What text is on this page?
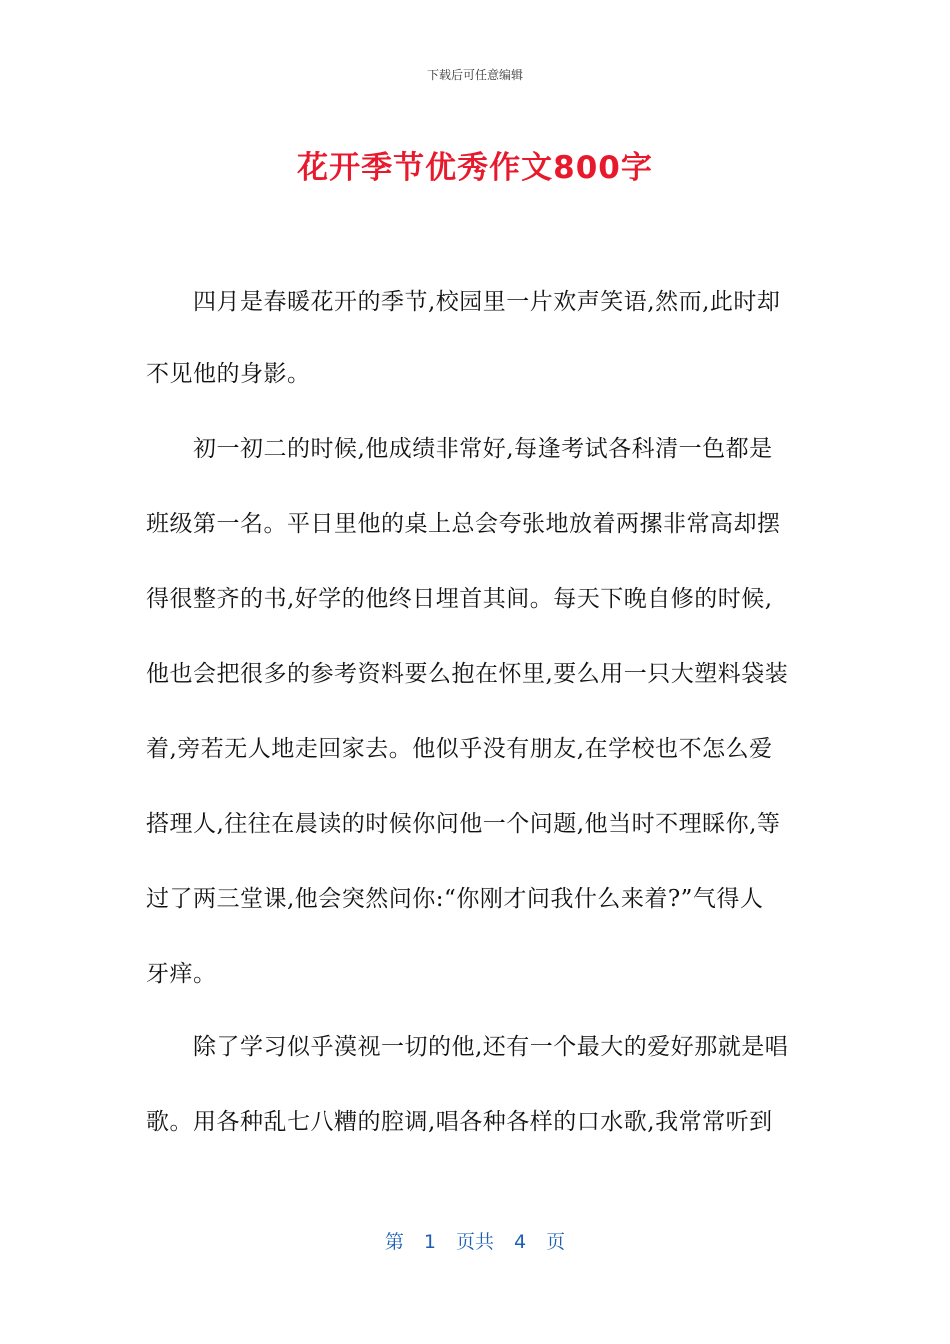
下载后可任意编辑
花开季节优秀作文800字
四月是春暖花开的季节,校园里一片欢声笑语,然而,此时却
不见他的身影。
初一初二的时候,他成绩非常好,每逢考试各科清一色都是
班级第一名。平日里他的桌上总会夸张地放着两摞非常高却摆
得很整齐的书,好学的他终日埋首其间。每天下晚自修的时候,
他也会把很多的参考资料要么抱在怀里,要么用一只大塑料袋装
着,旁若无人地走回家去。他似乎没有朋友,在学校也不怎么爱
搭理人,往往在晨读的时候你问他一个问题,他当时不理睬你,等
过了两三堂课,他会突然问你:“你刚才问我什么来着?”气得人
牙痒。
除了学习似乎漠视一切的他,还有一个最大的爱好那就是唱
歌。用各种乱七八糟的腔调,唱各种各样的口水歌,我常常听到
第 1 页共 4 页
